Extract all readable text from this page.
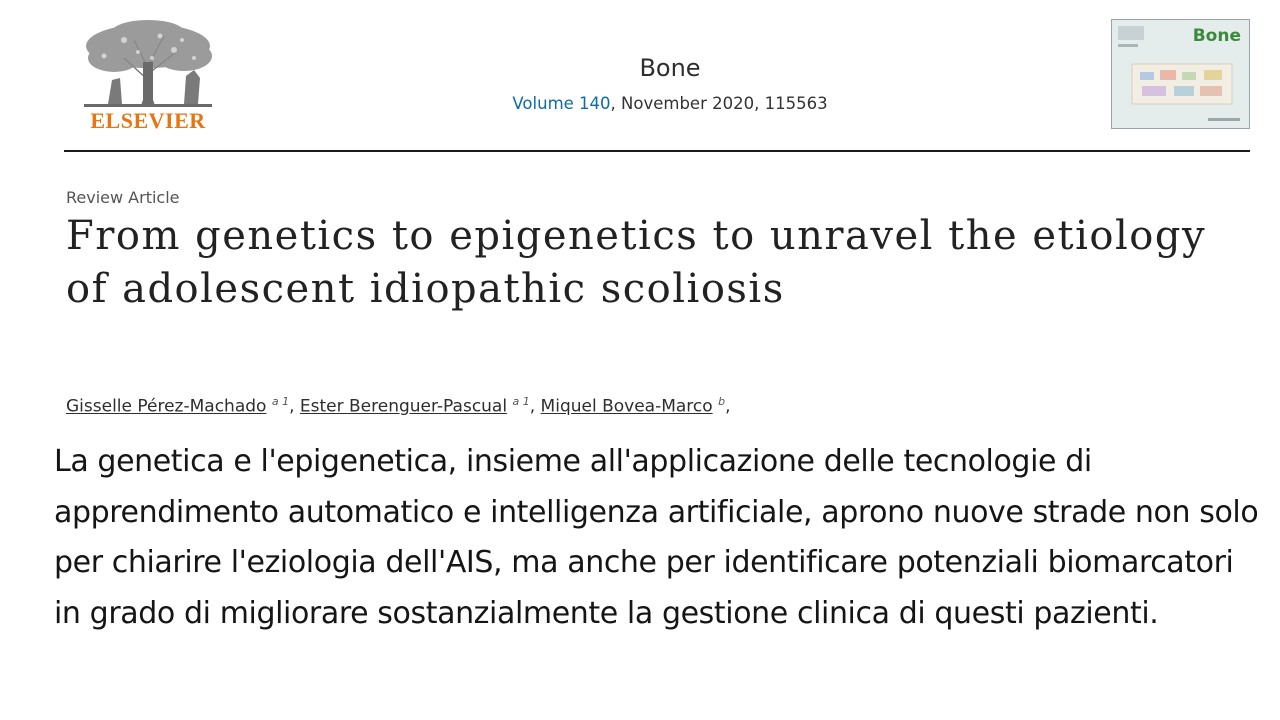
ELSEVIER
Bone
Volume 140, November 2020, 115563
Bone
Review Article
From genetics to epigenetics to unravel the etiology of adolescent idiopathic scoliosis
Gisselle Pérez-Machado $^{a 1}$, Ester Berenguer-Pascual $^{a 1}$, Miquel Bovea-Marco $^b$,

La genetica e l'epigenetica, insieme all'applicazione delle tecnologie di apprendimento automatico e intelligenza artificiale, aprono nuove strade non solo per chiarire l'eziologia dell'AIS, ma anche per identificare potenziali biomarcatori in grado di migliorare sostanzialmente la gestione clinica di questi pazienti.
